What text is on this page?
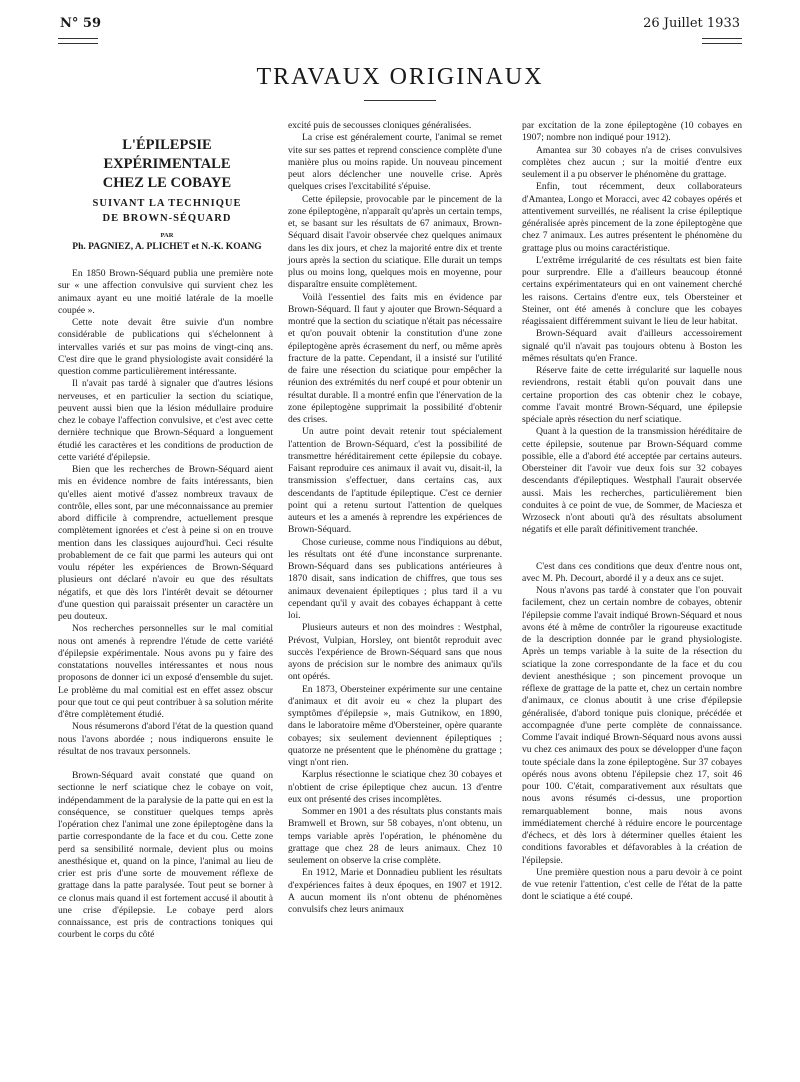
N° 59	26 Juillet 1933
TRAVAUX ORIGINAUX
L'ÉPILEPSIE EXPÉRIMENTALE
CHEZ LE COBAYE
SUIVANT LA TECHNIQUE
DE BROWN-SÉQUARD
PAR
Ph. PAGNIEZ, A. PLICHET et N.-K. KOANG

En 1850 Brown-Séquard publia une première note sur « une affection convulsive qui survient chez les animaux ayant eu une moitié latérale de la moelle coupée ».

Cette note devait être suivie d'un nombre considérable de publications qui s'échelonnent à intervalles variés et sur pas moins de vingt-cinq ans. C'est dire que le grand physiologiste avait considéré la question comme particulièrement intéressante.

Il n'avait pas tardé à signaler que d'autres lésions nerveuses, et en particulier la section du sciatique, peuvent aussi bien que la lésion médullaire produire chez le cobaye l'affection convulsive, et c'est avec cette dernière technique que Brown-Séquard a longuement étudié les caractères et les conditions de production de cette variété d'épilepsie.

Bien que les recherches de Brown-Séquard aient mis en évidence nombre de faits intéressants, bien qu'elles aient motivé d'assez nombreux travaux de contrôle, elles sont, par une méconnaissance au premier abord difficile à comprendre, actuellement presque complètement ignorées et c'est à peine si on en trouve mention dans les classiques aujourd'hui. Ceci résulte probablement de ce fait que parmi les auteurs qui ont voulu répéter les expériences de Brown-Séquard plusieurs ont déclaré n'avoir eu que des résultats négatifs, et que dès lors l'intérêt devait se détourner d'une question qui paraissait présenter un caractère un peu douteux.

Nos recherches personnelles sur le mal comitial nous ont amenés à reprendre l'étude de cette variété d'épilepsie expérimentale. Nous avons pu y faire des constatations nouvelles intéressantes et nous nous proposons de donner ici un exposé d'ensemble du sujet. Le problème du mal comitial est en effet assez obscur pour que tout ce qui peut contribuer à sa solution mérite d'être complètement étudié.

Nous résumerons d'abord l'état de la question quand nous l'avons abordée ; nous indiquerons ensuite le résultat de nos travaux personnels.

Brown-Séquard avait constaté que quand on sectionne le nerf sciatique chez le cobaye on voit, indépendamment de la paralysie de la patte qui en est la conséquence, se constituer quelques temps après l'opération chez l'animal une zone épileptogène dans la partie correspondante de la face et du cou. Cette zone perd sa sensibilité normale, devient plus ou moins anesthésique et, quand on la pince, l'animal au lieu de crier est pris d'une sorte de mouvement réflexe de grattage dans la patte paralysée. Tout peut se borner à ce clonus mais quand il est fortement accusé il aboutit à une crise d'épilepsie. Le cobaye perd alors connaissance, est pris de contractions toniques qui courbent le corps du côté

excité puis de secousses cloniques généralisées.

La crise est généralement courte, l'animal se remet vite sur ses pattes et reprend conscience complète d'une manière plus ou moins rapide. Un nouveau pincement peut alors déclencher une nouvelle crise. Après quelques crises l'excitabilité s'épuise.

Cette épilepsie, provocable par le pincement de la zone épileptogène, n'apparaît qu'après un certain temps, et, se basant sur les résultats de 67 animaux, Brown-Séquard disait l'avoir observée chez quelques animaux dans les dix jours, et chez la majorité entre dix et trente jours après la section du sciatique. Elle durait un temps plus ou moins long, quelques mois en moyenne, pour disparaître ensuite complètement.

Voilà l'essentiel des faits mis en évidence par Brown-Séquard. Il faut y ajouter que Brown-Séquard a montré que la section du sciatique n'était pas nécessaire et qu'on pouvait obtenir la constitution d'une zone épileptogène après écrasement du nerf, ou même après fracture de la patte. Cependant, il a insisté sur l'utilité de faire une résection du sciatique pour empêcher la réunion des extrémités du nerf coupé et pour obtenir un résultat durable. Il a montré enfin que l'énervation de la zone épileptogène supprimait la possibilité d'obtenir des crises.

Un autre point devait retenir tout spécialement l'attention de Brown-Séquard, c'est la possibilité de transmettre héréditairement cette épilepsie du cobaye. Faisant reproduire ces animaux il avait vu, disait-il, la transmission s'effectuer, dans certains cas, aux descendants de l'aptitude épileptique. C'est ce dernier point qui a retenu surtout l'attention de quelques auteurs et les a amenés à reprendre les expériences de Brown-Séquard.

Chose curieuse, comme nous l'indiquions au début, les résultats ont été d'une inconstance surprenante. Brown-Séquard dans ses publications antérieures à 1870 disait, sans indication de chiffres, que tous ses animaux devenaient épileptiques ; plus tard il a vu cependant qu'il y avait des cobayes échappant à cette loi.

Plusieurs auteurs et non des moindres : Westphal, Prévost, Vulpian, Horsley, ont bientôt reproduit avec succès l'expérience de Brown-Séquard sans que nous ayons de précision sur le nombre des animaux qu'ils ont opérés.

En 1873, Obersteiner expérimente sur une centaine d'animaux et dit avoir eu « chez la plupart des symptômes d'épilepsie », mais Gutnikow, en 1890, dans le laboratoire même d'Obersteiner, opère quarante cobayes; six seulement deviennent épileptiques ; quatorze ne présentent que le phénomène du grattage ; vingt n'ont rien.

Karplus résectionne le sciatique chez 30 cobayes et n'obtient de crise épileptique chez aucun. 13 d'entre eux ont présenté des crises incomplètes.

Sommer en 1901 a des résultats plus constants mais Bramwell et Brown, sur 58 cobayes, n'ont obtenu, un temps variable après l'opération, le phénomène du grattage que chez 28 de leurs animaux. Chez 10 seulement on observe la crise complète.

En 1912, Marie et Donnadieu publient les résultats d'expériences faites à deux époques, en 1907 et 1912. A aucun moment ils n'ont obtenu de phénomènes convulsifs chez leurs animaux

par excitation de la zone épileptogène (10 cobayes en 1907; nombre non indiqué pour 1912).

Amantea sur 30 cobayes n'a de crises convulsives complètes chez aucun ; sur la moitié d'entre eux seulement il a pu observer le phénomène du grattage.

Enfin, tout récemment, deux collaborateurs d'Amantea, Longo et Moracci, avec 42 cobayes opérés et attentivement surveillés, ne réalisent la crise épileptique généralisée après pincement de la zone épileptogène que chez 7 animaux. Les autres présentent le phénomène du grattage plus ou moins caractéristique.

L'extrême irrégularité de ces résultats est bien faite pour surprendre. Elle a d'ailleurs beaucoup étonné certains expérimentateurs qui en ont vainement cherché les raisons. Certains d'entre eux, tels Obersteiner et Steiner, ont été amenés à conclure que les cobayes réagissaient différemment suivant le lieu de leur habitat.

Brown-Séquard avait d'ailleurs accessoirement signalé qu'il n'avait pas toujours obtenu à Boston les mêmes résultats qu'en France.

Réserve faite de cette irrégularité sur laquelle nous reviendrons, restait établi qu'on pouvait dans une certaine proportion des cas obtenir chez le cobaye, comme l'avait montré Brown-Séquard, une épilepsie spéciale après résection du nerf sciatique.

Quant à la question de la transmission héréditaire de cette épilepsie, soutenue par Brown-Séquard comme possible, elle a d'abord été acceptée par certains auteurs. Obersteiner dit l'avoir vue deux fois sur 32 cobayes descendants d'épileptiques. Westphall l'aurait observée aussi. Mais les recherches, particulièrement bien conduites à ce point de vue, de Sommer, de Maciesza et Wrzoseck n'ont abouti qu'à des résultats absolument négatifs et elle paraît définitivement tranchée.

C'est dans ces conditions que deux d'entre nous ont, avec M. Ph. Decourt, abordé il y a deux ans ce sujet.

Nous n'avons pas tardé à constater que l'on pouvait facilement, chez un certain nombre de cobayes, obtenir l'épilepsie comme l'avait indiqué Brown-Séquard et nous avons été à même de contrôler la rigoureuse exactitude de la description donnée par le grand physiologiste. Après un temps variable à la suite de la résection du sciatique la zone correspondante de la face et du cou devient anesthésique ; son pincement provoque un réflexe de grattage de la patte et, chez un certain nombre d'animaux, ce clonus aboutit à une crise d'épilepsie généralisée, d'abord tonique puis clonique, précédée et accompagnée d'une perte complète de connaissance. Comme l'avait indiqué Brown-Séquard nous avons aussi vu chez ces animaux des poux se développer d'une façon toute spéciale dans la zone épileptogène. Sur 37 cobayes opérés nous avons obtenu l'épilepsie chez 17, soit 46 pour 100. C'était, comparativement aux résultats que nous avons résumés ci-dessus, une proportion remarquablement bonne, mais nous avons immédiatement cherché à réduire encore le pourcentage d'échecs, et dès lors à déterminer quelles étaient les conditions favorables et défavorables à la création de l'épilepsie.

Une première question nous a paru devoir à ce point de vue retenir l'attention, c'est celle de l'état de la patte dont le sciatique a été coupé.
